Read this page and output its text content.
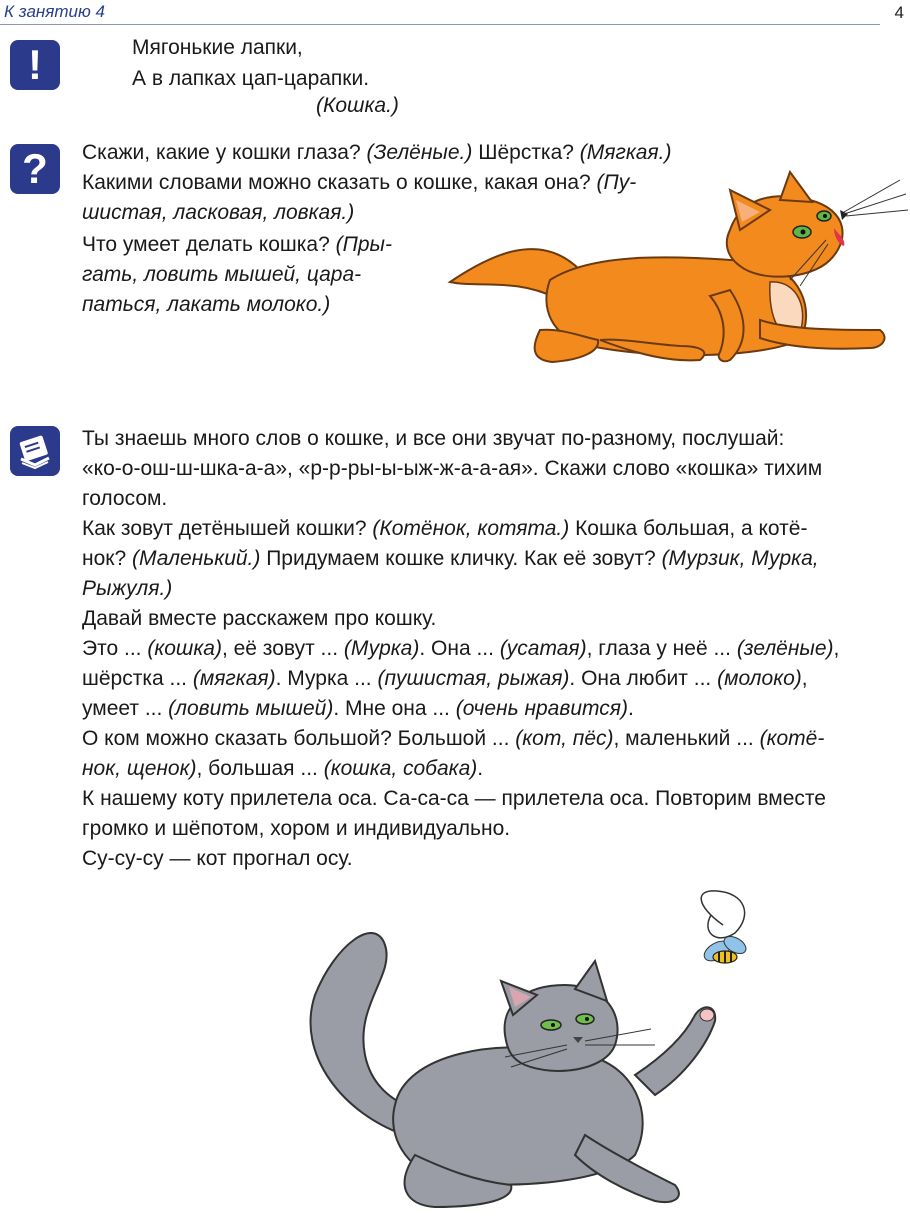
К занятию 4	4
!
?
Мягонькие лапки,
А в лапках цап-царапки.
(Кошка.)
Скажи, какие у кошки глаза? (Зелёные.) Шёрстка? (Мягкая.)
Какими словами можно сказать о кошке, какая она? (Пу-
шистая, ласковая, ловкая.)
Что умеет делать кошка? (Пры-
гать, ловить мышей, цара-
паться, лакать молоко.)
Ты знаешь много слов о кошке, и все они звучат по-разному, послушай:
«ко-о-ош-ш-шка-а-а», «р-р-ры-ы-ыж-ж-а-а-ая». Скажи слово «кошка» тихим
голосом.
Как зовут детёнышей кошки? (Котёнок, котята.) Кошка большая, а котё-
нок? (Маленький.) Придумаем кошке кличку. Как её зовут? (Мурзик, Мурка,
Рыжуля.)
Давай вместе расскажем про кошку.
Это ... (кошка), её зовут ... (Мурка). Она ... (усатая), глаза у неё ... (зелёные),
шёрстка ... (мягкая). Мурка ... (пушистая, рыжая). Она любит ... (молоко),
умеет ... (ловить мышей). Мне она ... (очень нравится).
О ком можно сказать большой? Большой ... (кот, пёс), маленький ... (котё-
нок, щенок), большая ... (кошка, собака).
К нашему коту прилетела оса. Са-са-са — прилетела оса. Повторим вместе
громко и шёпотом, хором и индивидуально.
Су-су-су — кот прогнал осу.
